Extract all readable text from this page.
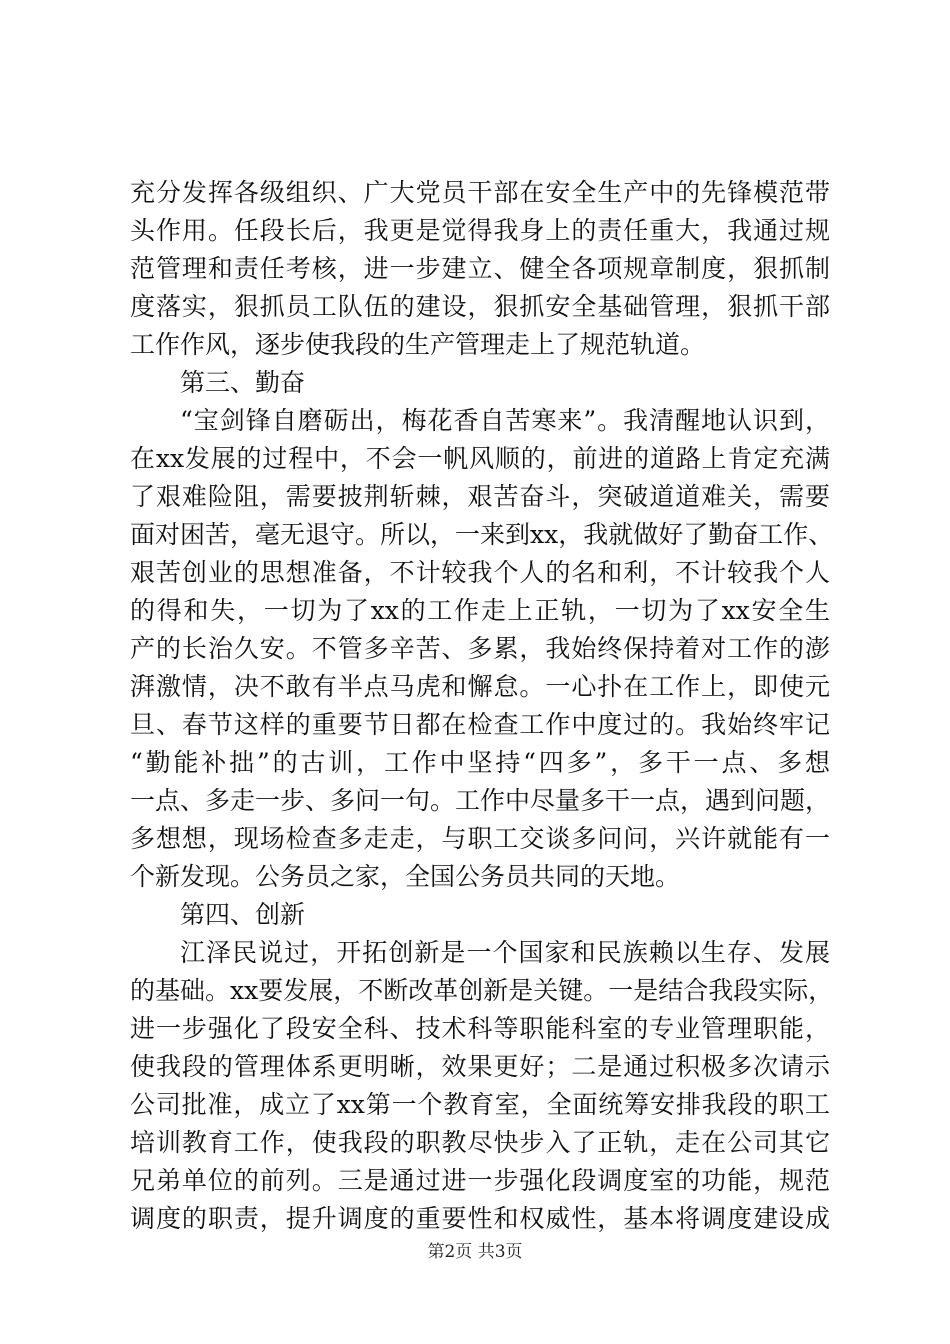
充分发挥各级组织、广大党员干部在安全生产中的先锋模范带
头作用。任段长后，我更是觉得我身上的责任重大，我通过规
范管理和责任考核，进一步建立、健全各项规章制度，狠抓制
度落实，狠抓员工队伍的建设，狠抓安全基础管理，狠抓干部
工作作风，逐步使我段的生产管理走上了规范轨道。
第三、勤奋
“宝剑锋自磨砺出，梅花香自苦寒来”。我清醒地认识到，
在xx发展的过程中，不会一帆风顺的，前进的道路上肯定充满
了艰难险阻，需要披荆斩棘，艰苦奋斗，突破道道难关，需要
面对困苦，毫无退守。所以，一来到xx，我就做好了勤奋工作、
艰苦创业的思想准备，不计较我个人的名和利，不计较我个人
的得和失，一切为了xx的工作走上正轨，一切为了xx安全生
产的长治久安。不管多辛苦、多累，我始终保持着对工作的澎
湃激情，决不敢有半点马虎和懈怠。一心扑在工作上，即使元
旦、春节这样的重要节日都在检查工作中度过的。我始终牢记
“勤能补拙”的古训，工作中坚持“四多”，多干一点、多想
一点、多走一步、多问一句。工作中尽量多干一点，遇到问题，
多想想，现场检查多走走，与职工交谈多问问，兴许就能有一
个新发现。公务员之家，全国公务员共同的天地。
第四、创新
江泽民说过，开拓创新是一个国家和民族赖以生存、发展
的基础。xx要发展，不断改革创新是关键。一是结合我段实际，
进一步强化了段安全科、技术科等职能科室的专业管理职能，
使我段的管理体系更明晰，效果更好；二是通过积极多次请示
公司批准，成立了xx第一个教育室，全面统筹安排我段的职工
培训教育工作，使我段的职教尽快步入了正轨，走在公司其它
兄弟单位的前列。三是通过进一步强化段调度室的功能，规范
调度的职责，提升调度的重要性和权威性，基本将调度建设成
第2页 共3页
